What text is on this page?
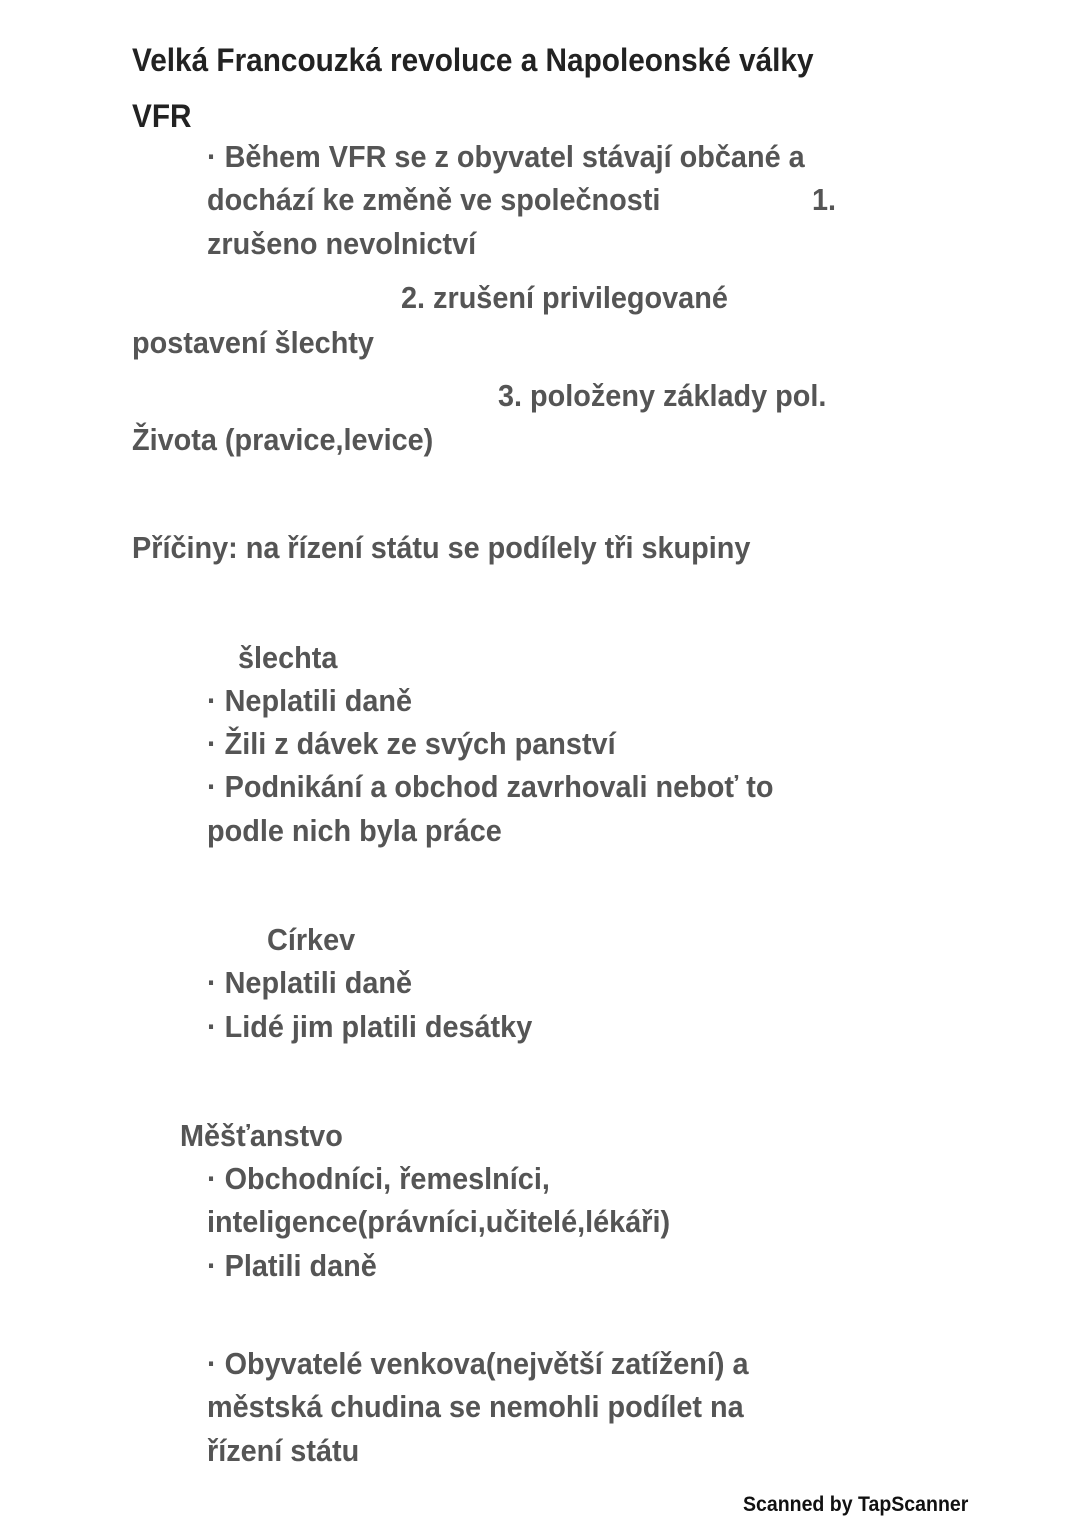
Velká Francouzká revoluce a Napoleonské války
VFR
· Během VFR se z obyvatel stávají občané a
dochází ke změně ve společnosti	1.
zrušeno nevolnictví
2. zrušení privilegované
postavení šlechty
3. položeny základy pol.
Života (pravice,levice)
Příčiny: na řízení státu se podílely tři skupiny
šlechta
· Neplatili daně
· Žili z dávek ze svých panství
· Podnikání a obchod zavrhovali neboť to
podle nich byla práce
Církev
· Neplatili daně
· Lidé jim platili desátky
Měšťanstvo
· Obchodníci, řemeslníci,
inteligence(právníci,učitelé,lékáři)
· Platili daně
· Obyvatelé venkova(největší zatížení) a
městská chudina se nemohli podílet na
řízení státu
Scanned by TapScanner
